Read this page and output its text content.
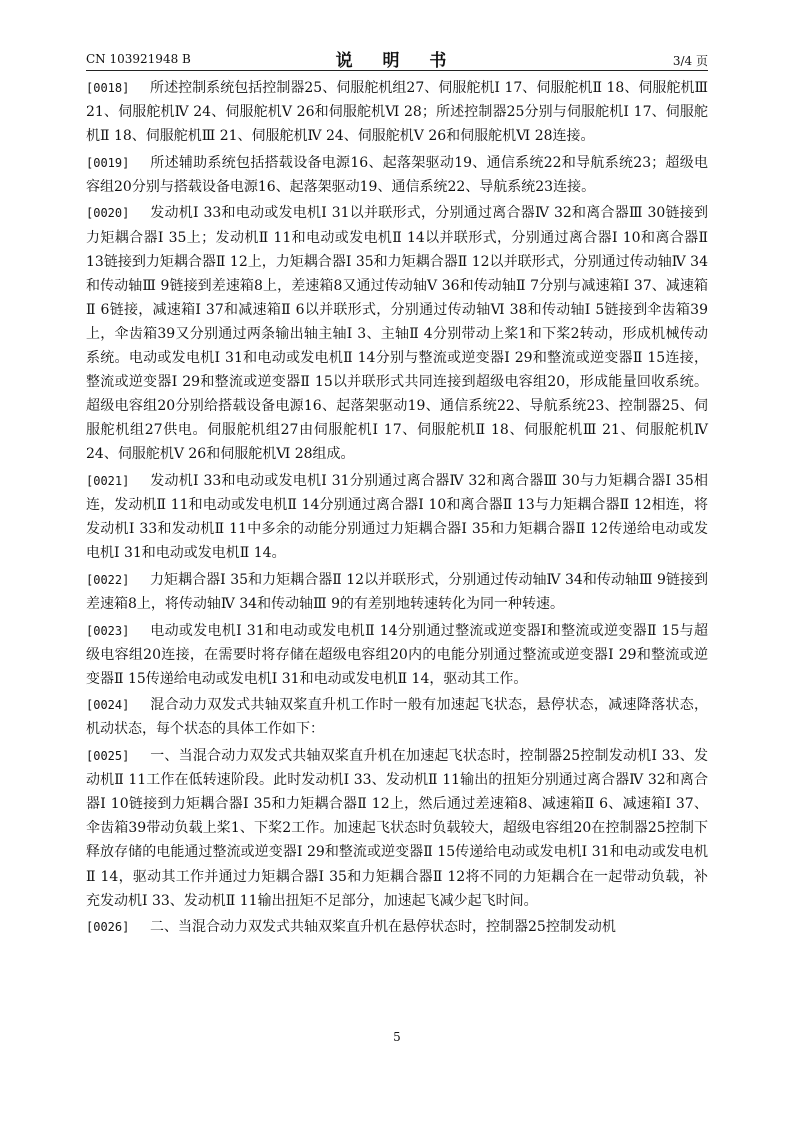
CN 103921948 B	说 明 书	3/4 页

[0018] 所述控制系统包括控制器25、伺服舵机组27、伺服舵机Ⅰ 17、伺服舵机Ⅱ 18、伺服舵机Ⅲ 21、伺服舵机Ⅳ 24、伺服舵机Ⅴ 26和伺服舵机Ⅵ 28；所述控制器25分别与伺服舵机Ⅰ 17、伺服舵机Ⅱ 18、伺服舵机Ⅲ 21、伺服舵机Ⅳ 24、伺服舵机Ⅴ 26和伺服舵机Ⅵ 28连接。

[0019] 所述辅助系统包括搭载设备电源16、起落架驱动19、通信系统22和导航系统23；超级电容组20分别与搭载设备电源16、起落架驱动19、通信系统22、导航系统23连接。

[0020] 发动机Ⅰ 33和电动或发电机Ⅰ 31以并联形式，分别通过离合器Ⅳ 32和离合器Ⅲ 30链接到力矩耦合器Ⅰ 35上；发动机Ⅱ 11和电动或发电机Ⅱ 14以并联形式，分别通过离合器Ⅰ 10和离合器Ⅱ 13链接到力矩耦合器Ⅱ 12上，力矩耦合器Ⅰ 35和力矩耦合器Ⅱ 12以并联形式，分别通过传动轴Ⅳ 34和传动轴Ⅲ 9链接到差速箱8上，差速箱8又通过传动轴Ⅴ 36和传动轴Ⅱ 7分别与减速箱Ⅰ 37、减速箱Ⅱ 6链接，减速箱Ⅰ 37和减速箱Ⅱ 6以并联形式，分别通过传动轴Ⅵ 38和传动轴Ⅰ 5链接到伞齿箱39上，伞齿箱39又分别通过两条输出轴主轴Ⅰ 3、主轴Ⅱ 4分别带动上桨1和下桨2转动，形成机械传动系统。电动或发电机Ⅰ 31和电动或发电机Ⅱ 14分别与整流或逆变器Ⅰ 29和整流或逆变器Ⅱ 15连接，整流或逆变器Ⅰ 29和整流或逆变器Ⅱ 15以并联形式共同连接到超级电容组20，形成能量回收系统。超级电容组20分别给搭载设备电源16、起落架驱动19、通信系统22、导航系统23、控制器25、伺服舵机组27供电。伺服舵机组27由伺服舵机Ⅰ 17、伺服舵机Ⅱ 18、伺服舵机Ⅲ 21、伺服舵机Ⅳ 24、伺服舵机Ⅴ 26和伺服舵机Ⅵ 28组成。

[0021] 发动机Ⅰ 33和电动或发电机Ⅰ 31分别通过离合器Ⅳ 32和离合器Ⅲ 30与力矩耦合器Ⅰ 35相连，发动机Ⅱ 11和电动或发电机Ⅱ 14分别通过离合器Ⅰ 10和离合器Ⅱ 13与力矩耦合器Ⅱ 12相连，将发动机Ⅰ 33和发动机Ⅱ 11中多余的动能分别通过力矩耦合器Ⅰ 35和力矩耦合器Ⅱ 12传递给电动或发电机Ⅰ 31和电动或发电机Ⅱ 14。

[0022] 力矩耦合器Ⅰ 35和力矩耦合器Ⅱ 12以并联形式，分别通过传动轴Ⅳ 34和传动轴Ⅲ 9链接到差速箱8上，将传动轴Ⅳ 34和传动轴Ⅲ 9的有差别地转速转化为同一种转速。

[0023] 电动或发电机Ⅰ 31和电动或发电机Ⅱ 14分别通过整流或逆变器Ⅰ和整流或逆变器Ⅱ 15与超级电容组20连接，在需要时将存储在超级电容组20内的电能分别通过整流或逆变器Ⅰ 29和整流或逆变器Ⅱ 15传递给电动或发电机Ⅰ 31和电动或发电机Ⅱ 14，驱动其工作。

[0024] 混合动力双发式共轴双桨直升机工作时一般有加速起飞状态，悬停状态，减速降落状态，机动状态，每个状态的具体工作如下：

[0025] 一、当混合动力双发式共轴双桨直升机在加速起飞状态时，控制器25控制发动机Ⅰ 33、发动机Ⅱ 11工作在低转速阶段。此时发动机Ⅰ 33、发动机Ⅱ 11输出的扭矩分别通过离合器Ⅳ 32和离合器Ⅰ 10链接到力矩耦合器Ⅰ 35和力矩耦合器Ⅱ 12上，然后通过差速箱8、减速箱Ⅱ 6、减速箱Ⅰ 37、伞齿箱39带动负载上桨1、下桨2工作。加速起飞状态时负载较大，超级电容组20在控制器25控制下释放存储的电能通过整流或逆变器Ⅰ 29和整流或逆变器Ⅱ 15传递给电动或发电机Ⅰ 31和电动或发电机Ⅱ 14，驱动其工作并通过力矩耦合器Ⅰ 35和力矩耦合器Ⅱ 12将不同的力矩耦合在一起带动负载，补充发动机Ⅰ 33、发动机Ⅱ 11输出扭矩不足部分，加速起飞减少起飞时间。

[0026] 二、当混合动力双发式共轴双桨直升机在悬停状态时，控制器25控制发动机

5
